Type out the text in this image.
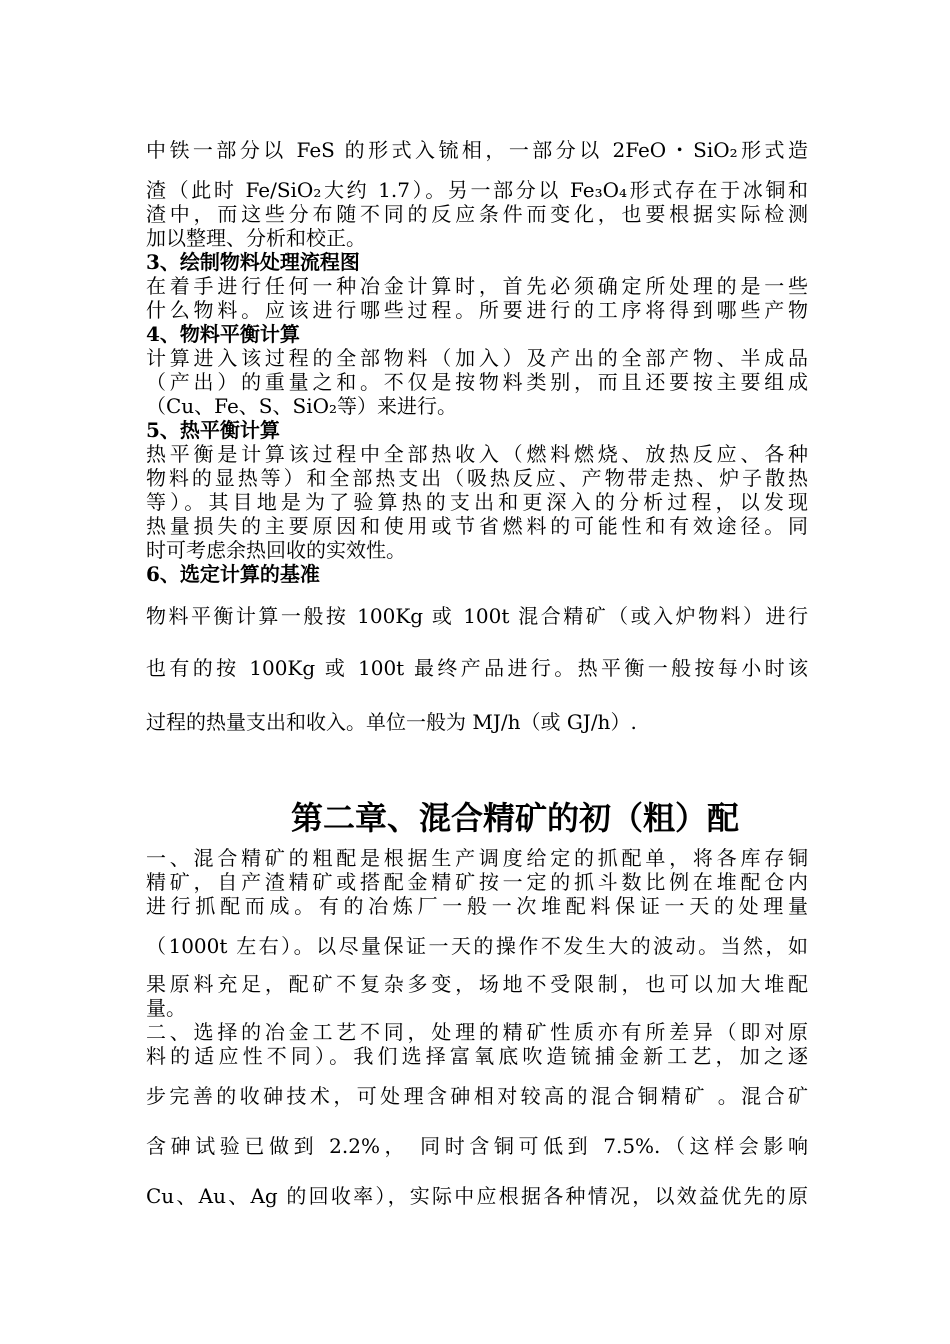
中铁一部分以 FeS 的形式入锍相，一部分以 2FeO・SiO₂形式造
渣（此时 Fe/SiO₂大约 1.7）。另一部分以 Fe₃O₄形式存在于冰铜和
渣中，而这些分布随不同的反应条件而变化，也要根据实际检测
加以整理、分析和校正。
3、绘制物料处理流程图
在着手进行任何一种冶金计算时，首先必须确定所处理的是一些
什么物料。应该进行哪些过程。所要进行的工序将得到哪些产物
4、物料平衡计算
计算进入该过程的全部物料（加入）及产出的全部产物、半成品
（产出）的重量之和。不仅是按物料类别，而且还要按主要组成
（Cu、Fe、S、SiO₂等）来进行。
5、热平衡计算
热平衡是计算该过程中全部热收入（燃料燃烧、放热反应、各种
物料的显热等）和全部热支出（吸热反应、产物带走热、炉子散热
等）。其目地是为了验算热的支出和更深入的分析过程，以发现
热量损失的主要原因和使用或节省燃料的可能性和有效途径。同
时可考虑余热回收的实效性。
6、选定计算的基准
物料平衡计算一般按 100Kg 或 100t 混合精矿（或入炉物料）进行
也有的按 100Kg 或 100t 最终产品进行。热平衡一般按每小时该
过程的热量支出和收入。单位一般为 MJ/h（或 GJ/h）.
第二章、混合精矿的初（粗）配
一、混合精矿的粗配是根据生产调度给定的抓配单，将各库存铜
精矿，自产渣精矿或搭配金精矿按一定的抓斗数比例在堆配仓内
进行抓配而成。有的冶炼厂一般一次堆配料保证一天的处理量
（1000t 左右）。以尽量保证一天的操作不发生大的波动。当然，如
果原料充足，配矿不复杂多变，场地不受限制，也可以加大堆配
量。
二、选择的冶金工艺不同，处理的精矿性质亦有所差异（即对原
料的适应性不同）。我们选择富氧底吹造锍捕金新工艺，加之逐
步完善的收砷技术，可处理含砷相对较高的混合铜精矿 。混合矿
含砷试验已做到 2.2%， 同时含铜可低到 7.5%.（这样会影响
Cu、Au、Ag 的回收率），实际中应根据各种情况，以效益优先的原
